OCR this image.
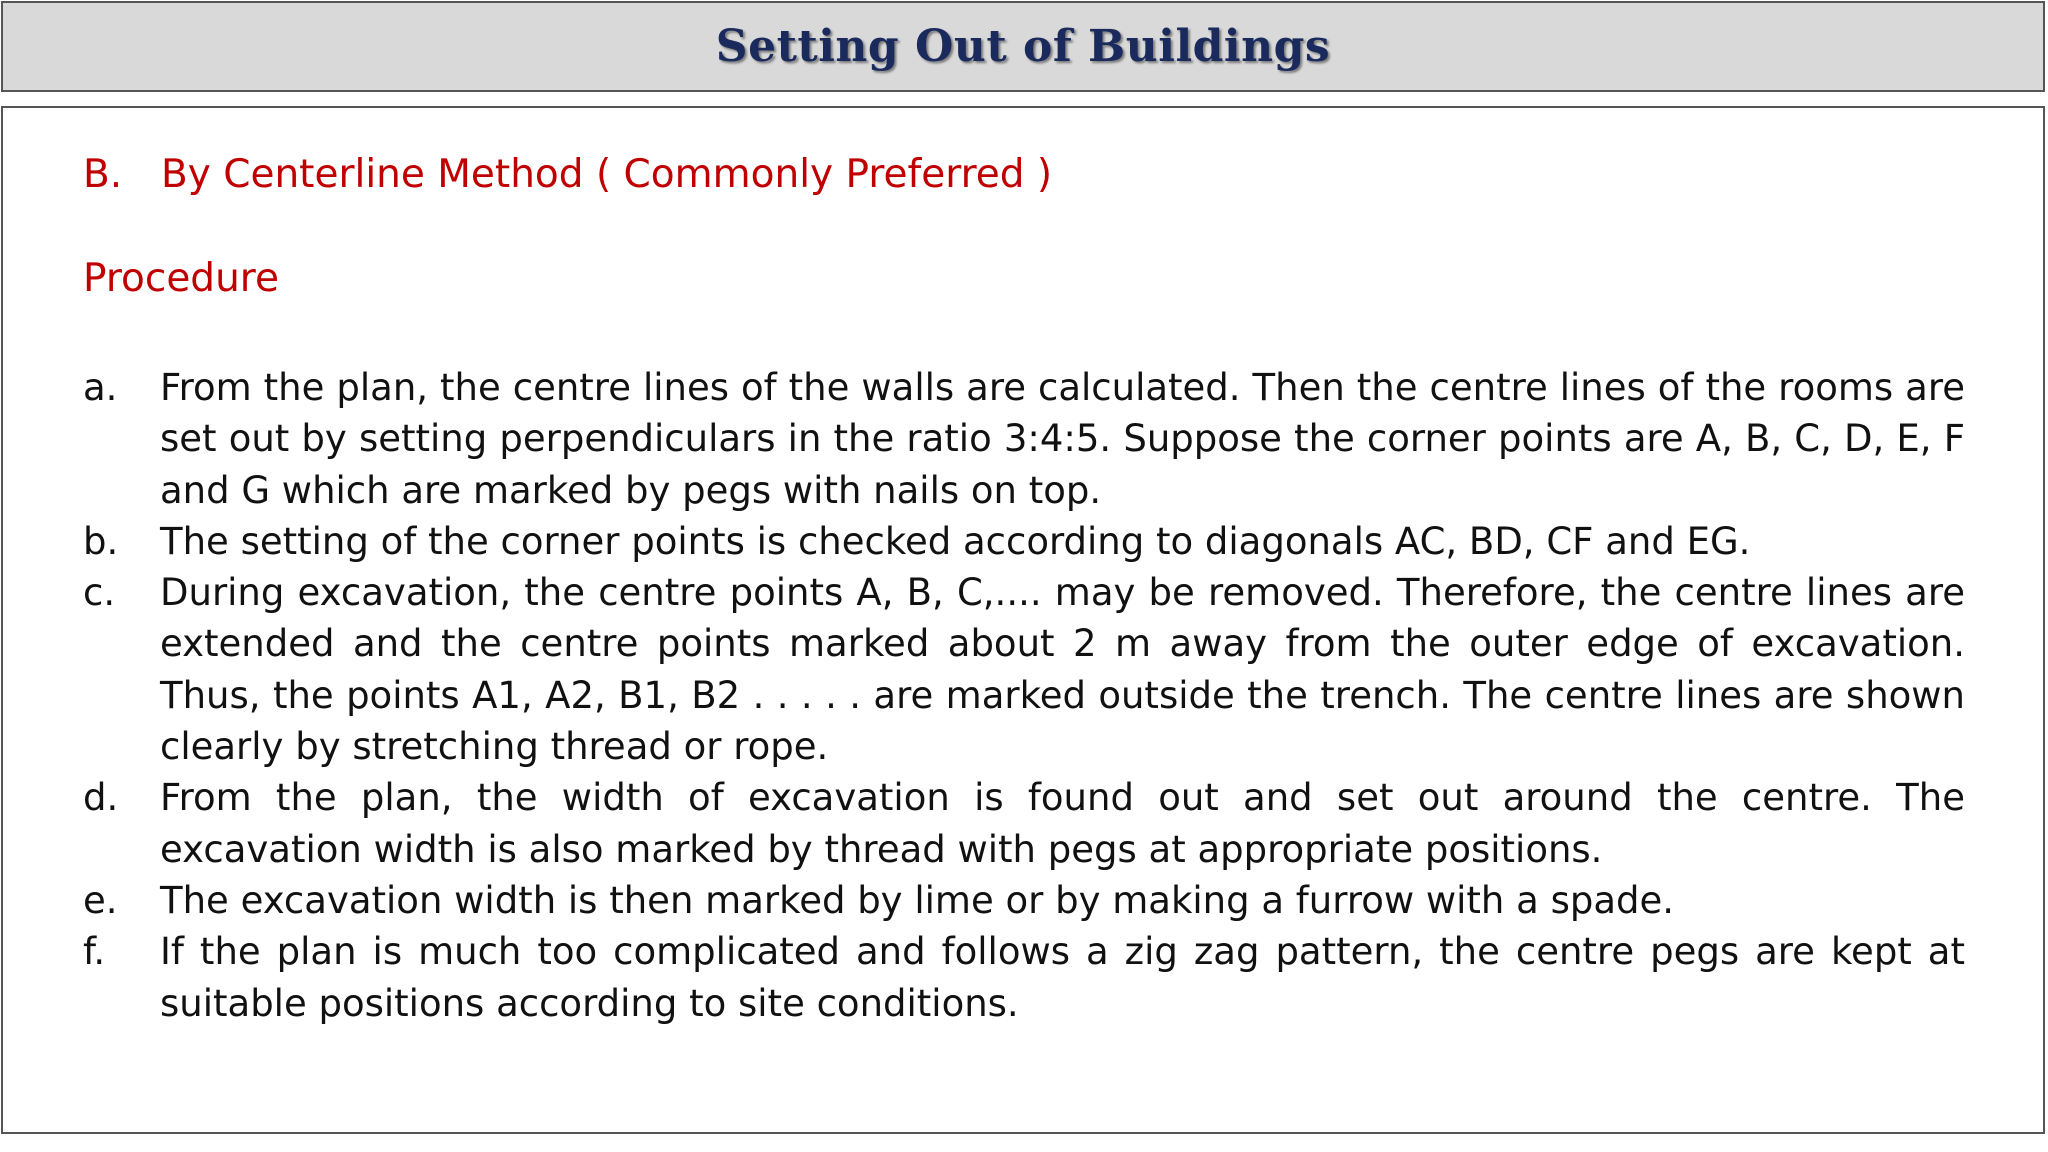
Setting Out of Buildings
B. By Centerline Method ( Commonly Preferred )
Procedure
a.	From the plan, the centre lines of the walls are calculated. Then the centre lines of the rooms are set out by setting perpendiculars in the ratio 3:4:5. Suppose the corner points are A, B, C, D, E, F and G which are marked by pegs with nails on top.
b.	The setting of the corner points is checked according to diagonals AC, BD, CF and EG.
c.	During excavation, the centre points A, B, C,.... may be removed. Therefore, the centre lines are extended and the centre points marked about 2 m away from the outer edge of excavation. Thus, the points A1, A2, B1, B2 . . . . . are marked outside the trench. The centre lines are shown clearly by stretching thread or rope.
d.	From the plan, the width of excavation is found out and set out around the centre. The excavation width is also marked by thread with pegs at appropriate positions.
e.	The excavation width is then marked by lime or by making a furrow with a spade.
f.	If the plan is much too complicated and follows a zig zag pattern, the centre pegs are kept at suitable positions according to site conditions.
